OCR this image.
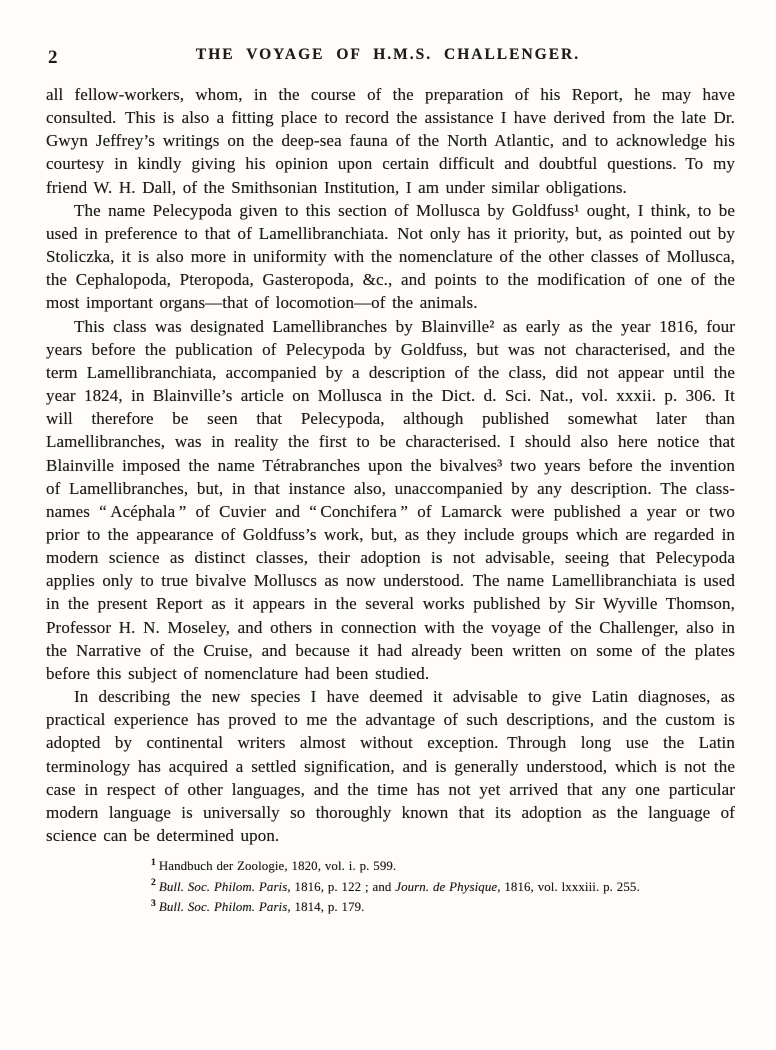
2	THE VOYAGE OF H.M.S. CHALLENGER.

all fellow-workers, whom, in the course of the preparation of his Report, he may have consulted. This is also a fitting place to record the assistance I have derived from the late Dr. Gwyn Jeffrey’s writings on the deep-sea fauna of the North Atlantic, and to acknowledge his courtesy in kindly giving his opinion upon certain difficult and doubtful questions. To my friend W. H. Dall, of the Smithsonian Institution, I am under similar obligations.

The name Pelecypoda given to this section of Mollusca by Goldfuss¹ ought, I think, to be used in preference to that of Lamellibranchiata. Not only has it priority, but, as pointed out by Stoliczka, it is also more in uniformity with the nomenclature of the other classes of Mollusca, the Cephalopoda, Pteropoda, Gasteropoda, &c., and points to the modification of one of the most important organs—that of locomotion—of the animals.

This class was designated Lamellibranches by Blainville² as early as the year 1816, four years before the publication of Pelecypoda by Goldfuss, but was not characterised, and the term Lamellibranchiata, accompanied by a description of the class, did not appear until the year 1824, in Blainville’s article on Mollusca in the Dict. d. Sci. Nat., vol. xxxii. p. 306. It will therefore be seen that Pelecypoda, although published somewhat later than Lamellibranches, was in reality the first to be characterised. I should also here notice that Blainville imposed the name Tétrabranches upon the bivalves³ two years before the invention of Lamellibranches, but, in that instance also, unaccompanied by any description. The class-names “ Acéphala ” of Cuvier and “ Conchifera ” of Lamarck were published a year or two prior to the appearance of Goldfuss’s work, but, as they include groups which are regarded in modern science as distinct classes, their adoption is not advisable, seeing that Pelecypoda applies only to true bivalve Molluscs as now understood. The name Lamellibranchiata is used in the present Report as it appears in the several works published by Sir Wyville Thomson, Professor H. N. Moseley, and others in connection with the voyage of the Challenger, also in the Narrative of the Cruise, and because it had already been written on some of the plates before this subject of nomenclature had been studied.

In describing the new species I have deemed it advisable to give Latin diagnoses, as practical experience has proved to me the advantage of such descriptions, and the custom is adopted by continental writers almost without exception. Through long use the Latin terminology has acquired a settled signification, and is generally understood, which is not the case in respect of other languages, and the time has not yet arrived that any one particular modern language is universally so thoroughly known that its adoption as the language of science can be determined upon.

$^1$ Handbuch der Zoologie, 1820, vol. i. p. 599.
$^2$ Bull. Soc. Philom. Paris, 1816, p. 122 ; and Journ. de Physique, 1816, vol. lxxxiii. p. 255.
$^3$ Bull. Soc. Philom. Paris, 1814, p. 179.
